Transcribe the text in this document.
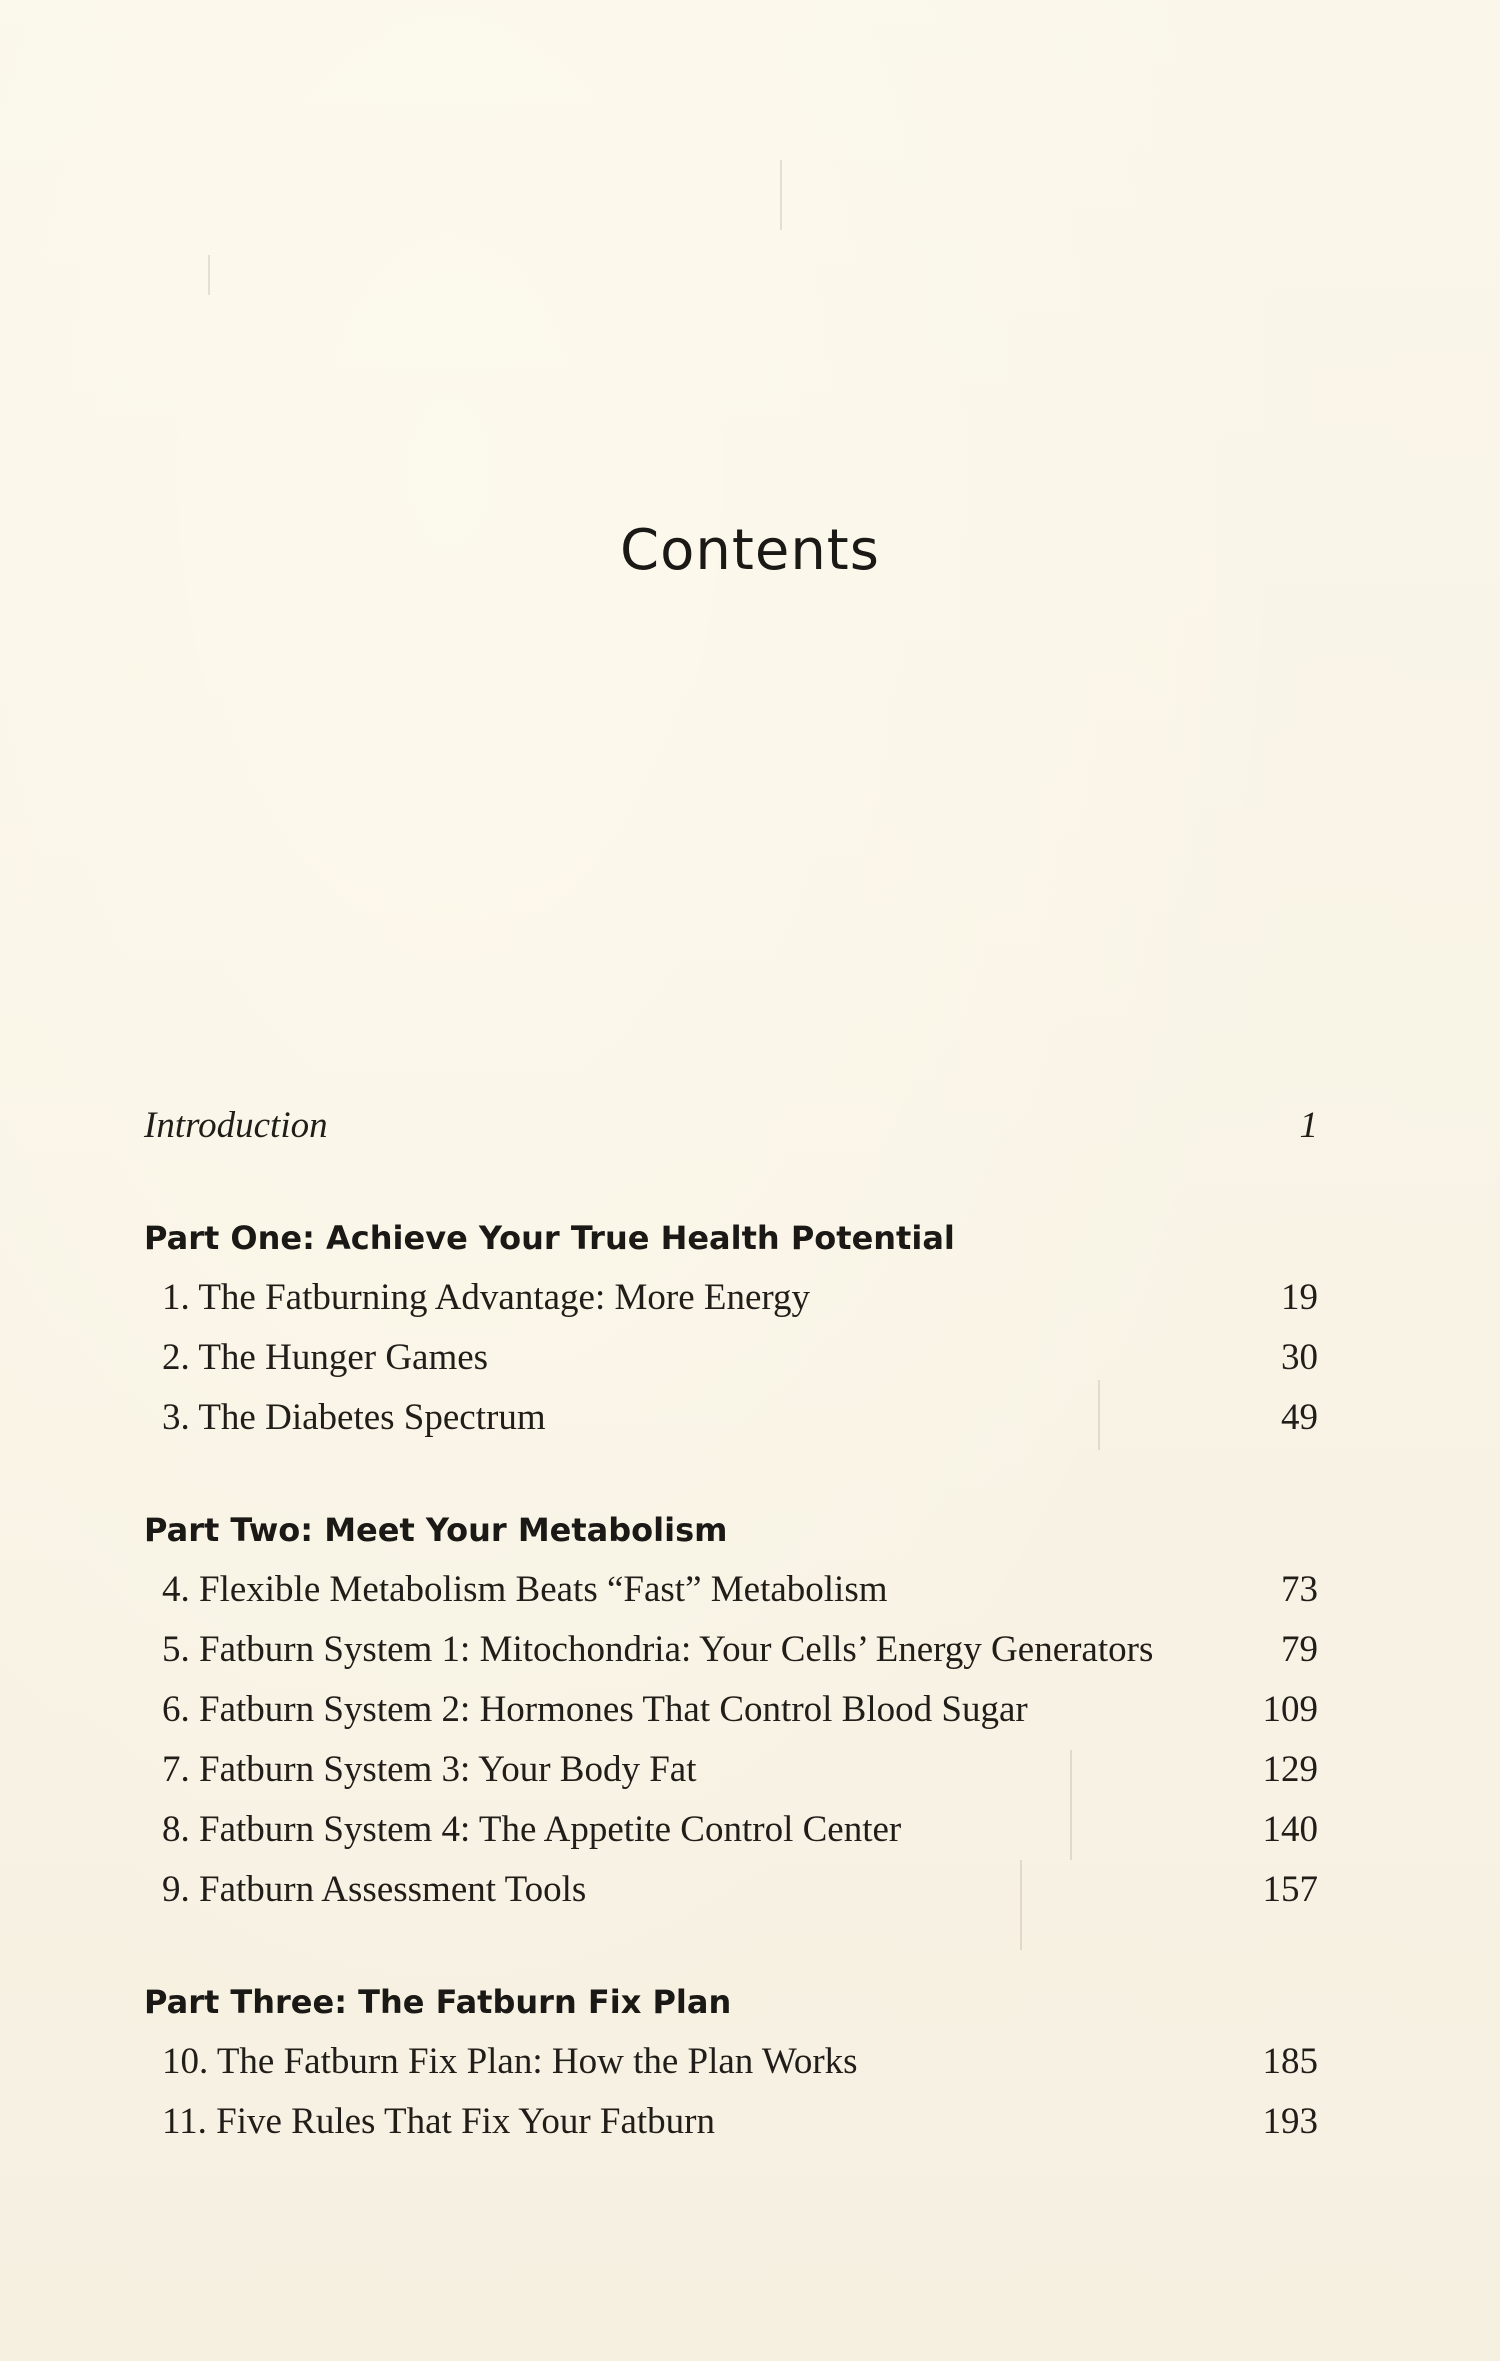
Contents
Introduction	1
Part One: Achieve Your True Health Potential
1. The Fatburning Advantage: More Energy	19
2. The Hunger Games	30
3. The Diabetes Spectrum	49
Part Two: Meet Your Metabolism
4. Flexible Metabolism Beats “Fast” Metabolism	73
5. Fatburn System 1: Mitochondria: Your Cells’ Energy Generators	79
6. Fatburn System 2: Hormones That Control Blood Sugar	109
7. Fatburn System 3: Your Body Fat	129
8. Fatburn System 4: The Appetite Control Center	140
9. Fatburn Assessment Tools	157
Part Three: The Fatburn Fix Plan
10. The Fatburn Fix Plan: How the Plan Works	185
11. Five Rules That Fix Your Fatburn	193
